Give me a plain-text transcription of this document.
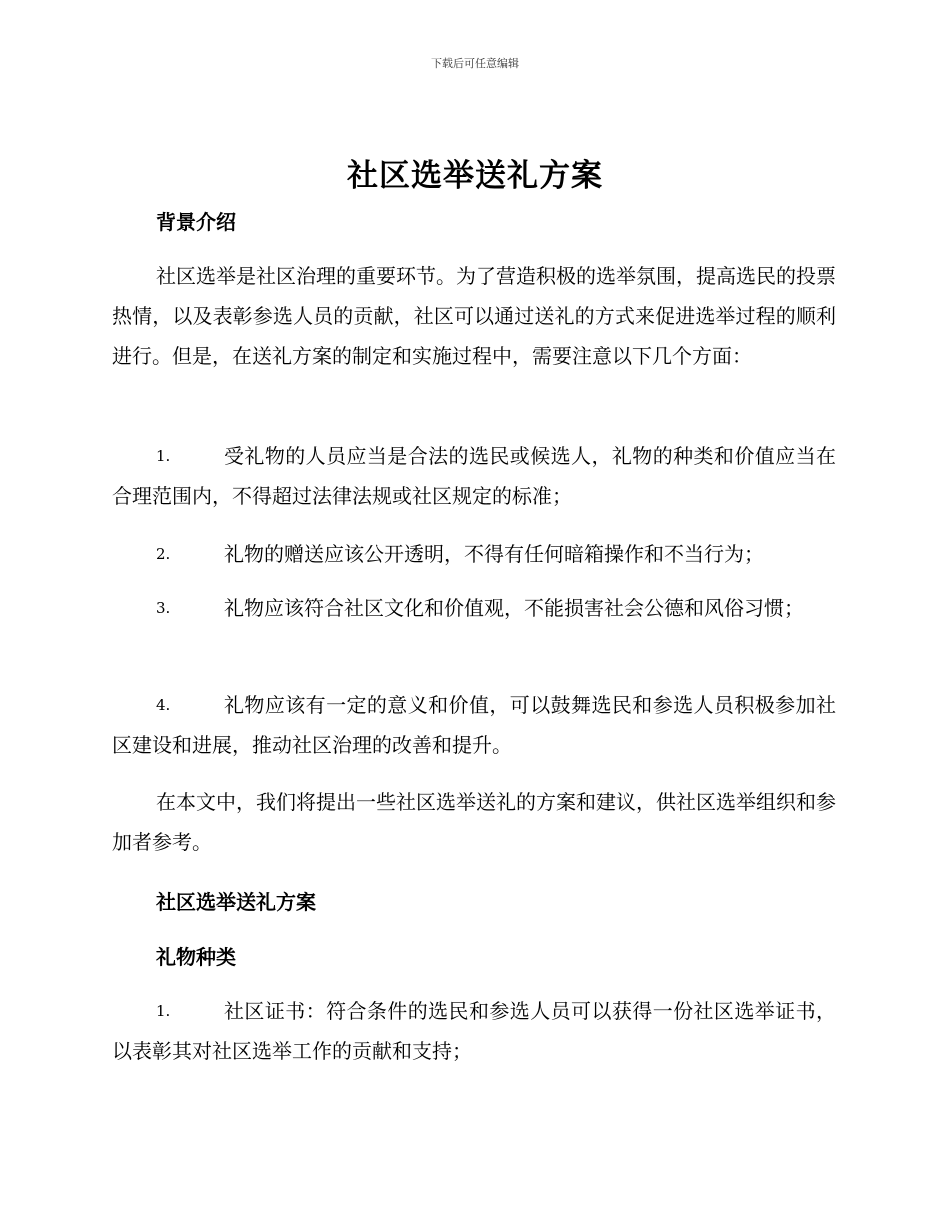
下载后可任意编辑
社区选举送礼方案
背景介绍
社区选举是社区治理的重要环节。为了营造积极的选举氛围，提高选民的投票热情，以及表彰参选人员的贡献，社区可以通过送礼的方式来促进选举过程的顺利进行。但是，在送礼方案的制定和实施过程中，需要注意以下几个方面：
1.	受礼物的人员应当是合法的选民或候选人，礼物的种类和价值应当在合理范围内，不得超过法律法规或社区规定的标准；
2.	礼物的赠送应该公开透明，不得有任何暗箱操作和不当行为；
3.	礼物应该符合社区文化和价值观，不能损害社会公德和风俗习惯；
4.	礼物应该有一定的意义和价值，可以鼓舞选民和参选人员积极参加社区建设和进展，推动社区治理的改善和提升。
在本文中，我们将提出一些社区选举送礼的方案和建议，供社区选举组织和参加者参考。
社区选举送礼方案
礼物种类
1.	社区证书：符合条件的选民和参选人员可以获得一份社区选举证书，以表彰其对社区选举工作的贡献和支持；
